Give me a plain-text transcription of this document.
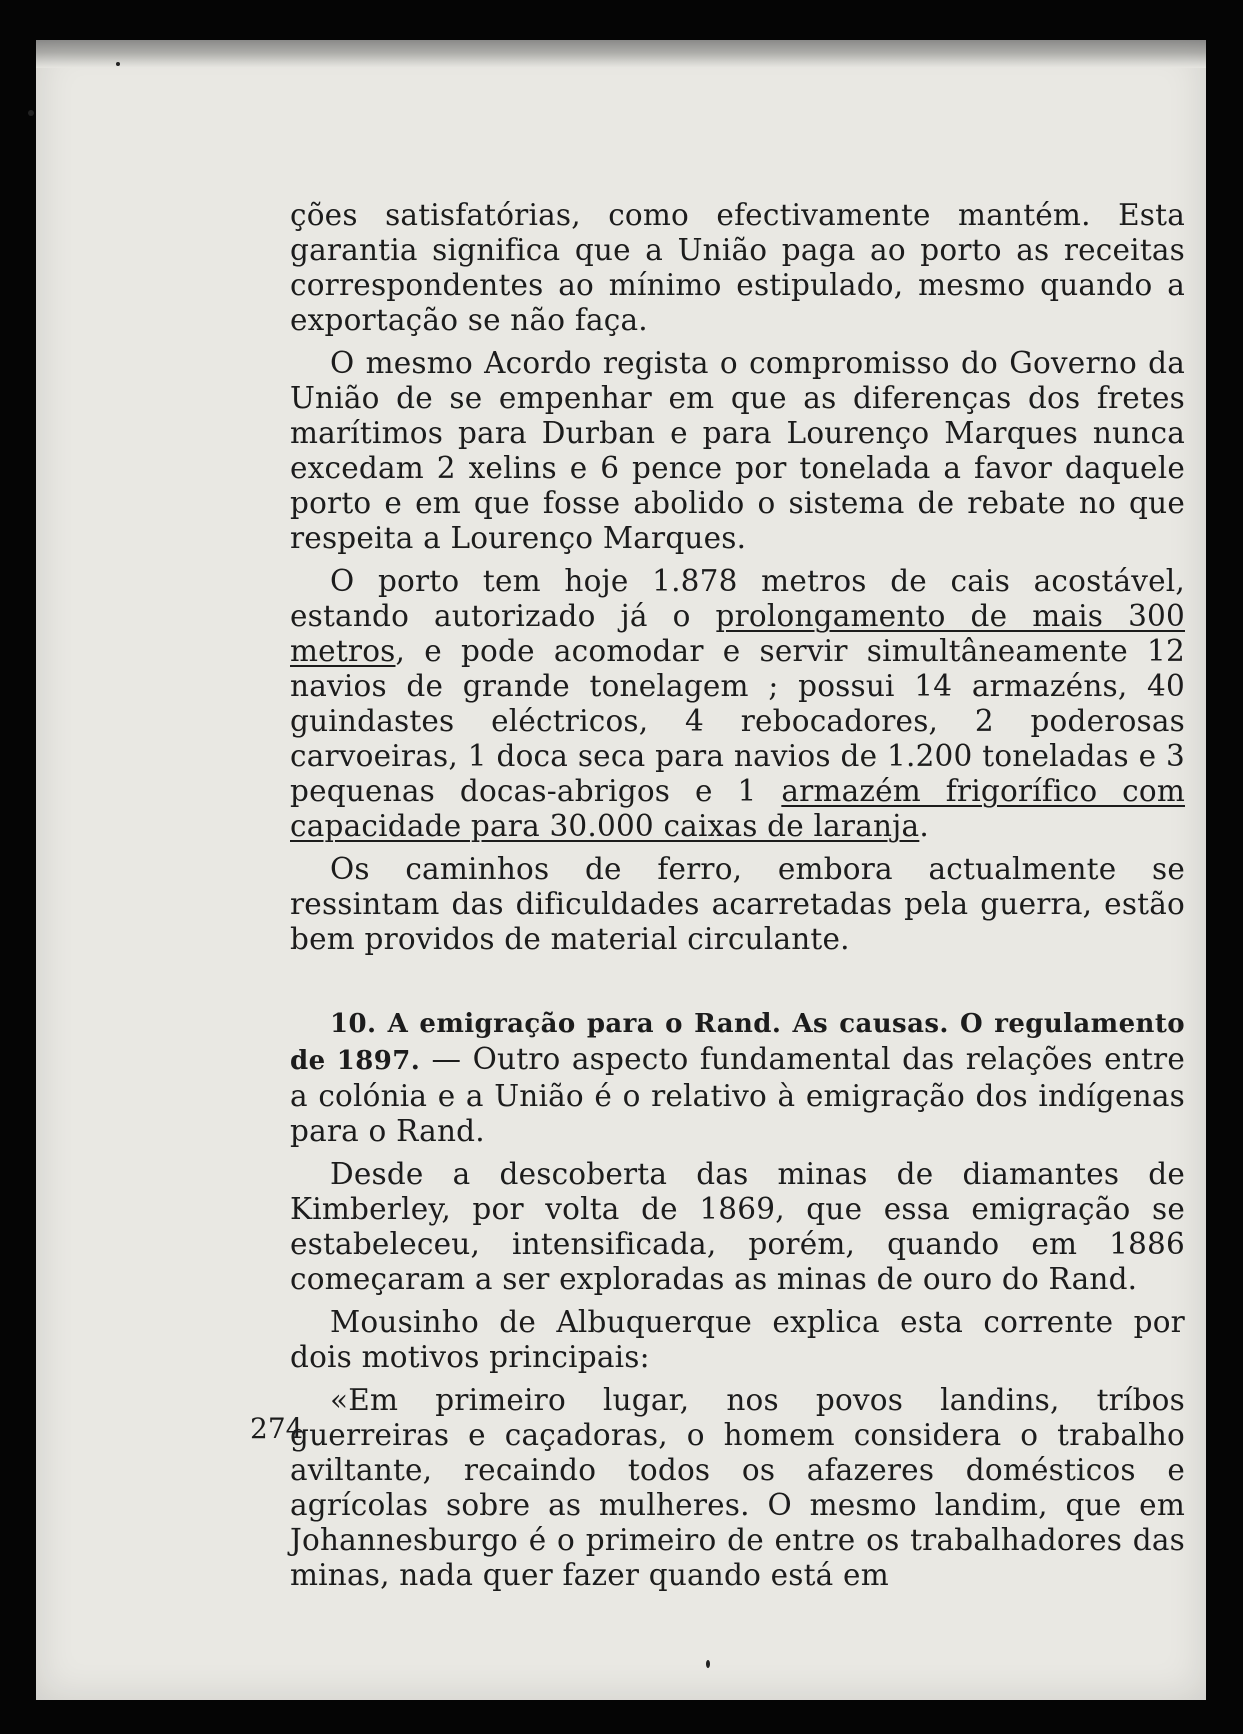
ções satisfatórias, como efectivamente mantém. Esta garantia significa que a União paga ao porto as receitas correspondentes ao mínimo estipulado, mesmo quando a exportação se não faça.

O mesmo Acordo regista o compromisso do Governo da União de se empenhar em que as diferenças dos fretes marítimos para Durban e para Lourenço Marques nunca excedam 2 xelins e 6 pence por tonelada a favor daquele porto e em que fosse abolido o sistema de rebate no que respeita a Lourenço Marques.

O porto tem hoje 1.878 metros de cais acostável, estando autorizado já o prolongamento de mais 300 metros, e pode acomodar e servir simultâneamente 12 navios de grande tonelagem ; possui 14 armazéns, 40 guindastes eléctricos, 4 rebocadores, 2 poderosas carvoeiras, 1 doca seca para navios de 1.200 toneladas e 3 pequenas docas-abrigos e 1 armazém frigorífico com capacidade para 30.000 caixas de laranja.

Os caminhos de ferro, embora actualmente se ressintam das dificuldades acarretadas pela guerra, estão bem providos de material circulante.

10. A emigração para o Rand. As causas. O regulamento de 1897. — Outro aspecto fundamental das relações entre a colónia e a União é o relativo à emigração dos indígenas para o Rand.

Desde a descoberta das minas de diamantes de Kimberley, por volta de 1869, que essa emigração se estabeleceu, intensificada, porém, quando em 1886 começaram a ser exploradas as minas de ouro do Rand.

Mousinho de Albuquerque explica esta corrente por dois motivos principais:

«Em primeiro lugar, nos povos landins, tríbos guerreiras e caçadoras, o homem considera o trabalho aviltante, recaindo todos os afazeres domésticos e agrícolas sobre as mulheres. O mesmo landim, que em Johannesburgo é o primeiro de entre os trabalhadores das minas, nada quer fazer quando está em

274
